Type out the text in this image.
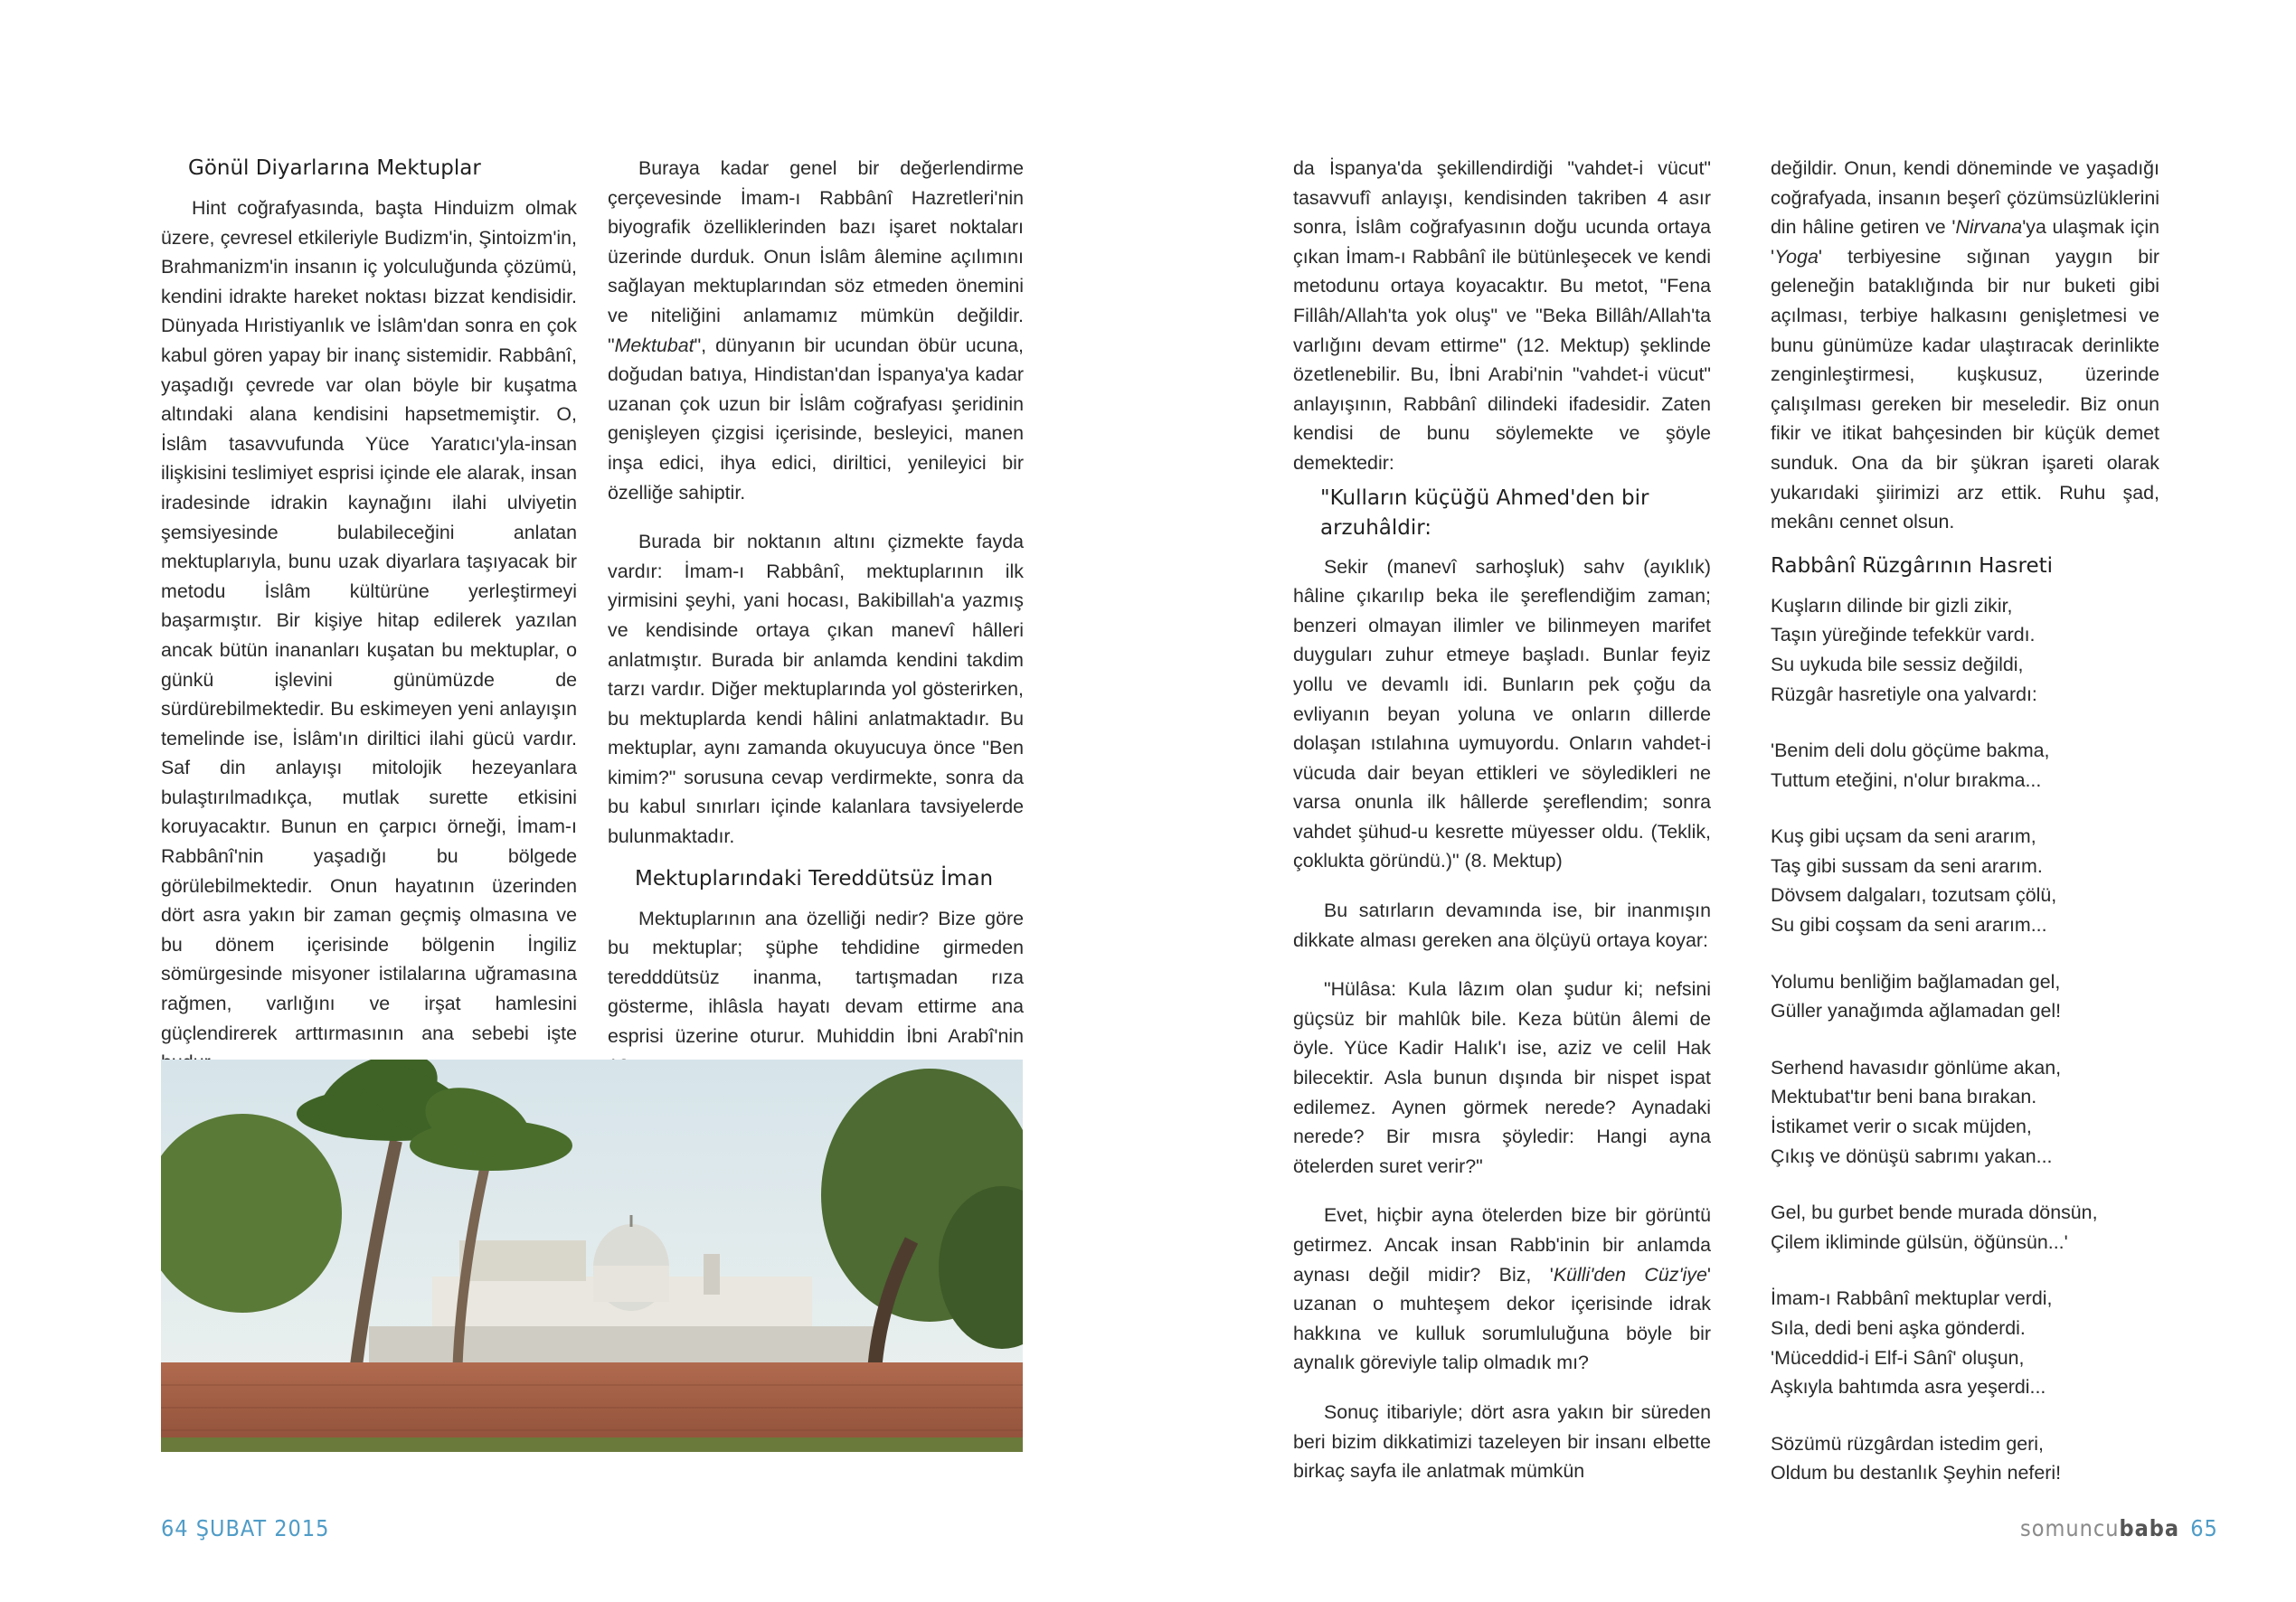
Gönül Diyarlarına Mektuplar

Hint coğrafyasında, başta Hinduizm olmak üzere, çevresel etkileriyle Budizm'in, Şintoizm'in, Brahmanizm'in insanın iç yolculuğunda çözümü, kendini idrakte hareket noktası bizzat kendisidir. Dünyada Hıristiyanlık ve İslâm'dan sonra en çok kabul gören yapay bir inanç sistemidir. Rabbânî, yaşadığı çevrede var olan böyle bir kuşatma altındaki alana kendisini hapsetmemiştir. O, İslâm tasavvufunda Yüce Yaratıcı'yla-insan ilişkisini teslimiyet esprisi içinde ele alarak, insan iradesinde idrakin kaynağını ilahi ulviyetin şemsiyesinde bulabileceğini anlatan mektuplarıyla, bunu uzak diyarlara taşıyacak bir metodu İslâm kültürüne yerleştirmeyi başarmıştır. Bir kişiye hitap edilerek yazılan ancak bütün inananları kuşatan bu mektuplar, o günkü işlevini günümüzde de sürdürebilmektedir. Bu eskimeyen yeni anlayışın temelinde ise, İslâm'ın diriltici ilahi gücü vardır. Saf din anlayışı mitolojik hezeyanlara bulaştırılmadıkça, mutlak surette etkisini koruyacaktır. Bunun en çarpıcı örneği, İmam-ı Rabbânî'nin yaşadığı bu bölgede görülebilmektedir. Onun hayatının üzerinden dört asra yakın bir zaman geçmiş olmasına ve bu dönem içerisinde bölgenin İngiliz sömürgesinde misyoner istilalarına uğramasına rağmen, varlığını ve irşat hamlesini güçlendirerek arttırmasının ana sebebi işte

Buraya kadar genel bir değerlendirme çerçevesinde İmam-ı Rabbânî Hazretleri'nin biyografik özelliklerinden bazı işaret noktaları üzerinde durduk. Onun İslâm âlemine açılımını sağlayan mektuplarından söz etmeden önemini ve niteliğini anlamamız mümkün değildir. "Mektubat", dünyanın bir ucundan öbür ucuna, doğudan batıya, Hindistan'dan İspanya'ya kadar uzanan çok uzun bir İslâm coğrafyası şeridinin genişleyen çizgisi içerisinde, besleyici, manen inşa edici, ihya edici, diriltici, yenileyici bir özelliğe sahiptir.

Burada bir noktanın altını çizmekte fayda vardır: İmam-ı Rabbânî, mektuplarının ilk yirmisini şeyhi, yani hocası, Bakibillah'a yazmış ve kendisinde ortaya çıkan manevî hâlleri anlatmıştır. Burada bir anlamda kendini takdim tarzı vardır. Diğer mektuplarında yol gösterirken, bu mektuplarda kendi hâlini anlatmaktadır. Bu mektuplar, aynı zamanda okuyucuya önce "Ben kimim?" sorusuna cevap verdirmekte, sonra da bu kabul sınırları içinde kalanlara tavsiyelerde bulunmaktadır.

Mektuplarındaki Tereddütsüz İman

Mektuplarının ana özelliği nedir? Bize göre bu mektuplar; şüphe tehdidine girmeden teredddütsüz inanma, tartışmadan rıza gösterme, ihlâsla hayatı devam ettirme ana esprisi üzerine oturur. Muhiddin İbni Arabî'nin

64 ŞUBAT 2015

da İspanya'da şekillendirdiği "vahdet-i vücut" tasavvufî anlayışı, kendisinden takriben 4 asır sonra, İslâm coğrafyasının doğu ucunda ortaya çıkan İmam-ı Rabbânî ile bütünleşecek ve kendi metodunu ortaya koyacaktır. Bu metot, "Fena Fillâh/Allah'ta yok oluş" ve "Beka Billâh/Allah'ta varlığını devam ettirme" (12. Mektup) şeklinde özetlenebilir. Bu, İbni Arabi'nin "vahdet-i vücut" anlayışının, Rabbânî dilindeki ifadesidir. Zaten kendisi de bunu söylemekte ve şöyle demektedir:

"Kulların küçüğü Ahmed'den bir arzuhâldir:

Sekir (manevî sarhoşluk) sahv (ayıklık) hâline çıkarılıp beka ile şereflendiğim zaman; benzeri olmayan ilimler ve bilinmeyen marifet duyguları zuhur etmeye başladı. Bunlar feyiz yollu ve devamlı idi. Bunların pek çoğu da evliyanın beyan yoluna ve onların dillerde dolaşan ıstılahına uymuyordu. Onların vahdet-i vücuda dair beyan ettikleri ve söyledikleri ne varsa onunla ilk hâllerde şereflendim; sonra vahdet şühud-u kesrette müyesser oldu. (Teklik, çoklukta göründü.)" (8. Mektup)

Bu satırların devamında ise, bir inanmışın dikkate alması gereken ana ölçüyü ortaya koyar:

"Hülâsa: Kula lâzım olan şudur ki; nefsini güçsüz bir mahlûk bile. Keza bütün âlemi de öyle. Yüce Kadir Halık'ı ise, aziz ve celil Hak bilecektir. Asla bunun dışında bir nispet ispat edilemez. Aynen görmek nerede? Aynadaki nerede? Bir mısra şöyledir: Hangi ayna ötelerden suret verir?"

Evet, hiçbir ayna ötelerden bize bir görüntü getirmez. Ancak insan Rabb'inin bir anlamda aynası değil midir? Biz, 'Külli'den Cüz'iye' uzanan o muhteşem dekor içerisinde idrak hakkına ve kulluk sorumluluğuna böyle bir aynalık göreviyle talip olmadık mı?

Sonuç itibariyle; dört asra yakın bir süreden beri bizim dikkatimizi tazeleyen bir insanı elbette birkaç sayfa ile anlatmak mümkün

değildir. Onun, kendi döneminde ve yaşadığı coğrafyada, insanın beşerî çözümsüzlüklerini din hâline getiren ve 'Nirvana'ya ulaşmak için 'Yoga' terbiyesine sığınan yaygın bir geleneğin bataklığında bir nur buketi gibi açılması, terbiye halkasını genişletmesi ve bunu günümüze kadar ulaştıracak derinlikte zenginleştirmesi, kuşkusuz, üzerinde çalışılması gereken bir meseledir. Biz onun fikir ve itikat bahçesinden bir küçük demet sunduk. Ona da bir şükran işareti olarak yukarıdaki şiirimizi arz ettik. Ruhu şad, mekânı cennet olsun.

Rabbânî Rüzgârının Hasreti

Kuşların dilinde bir gizli zikir,

Taşın yüreğinde tefekkür vardı.

Su uykuda bile sessiz değildi,

Rüzgâr hasretiyle ona yalvardı:

'Benim deli dolu göçüme bakma,

Tuttum eteğini, n'olur bırakma...

Kuş gibi uçsam da seni ararım,

Taş gibi sussam da seni ararım.

Dövsem dalgaları, tozutsam çölü,

Su gibi coşsam da seni ararım...

Yolumu benliğim bağlamadan gel,

Güller yanağımda ağlamadan gel!

Serhend havasıdır gönlüme akan,

Mektubat'tır beni bana bırakan.

İstikamet verir o sıcak müjden,

Çıkış ve dönüşü sabrımı yakan...

Gel, bu gurbet bende murada dönsün,

Çilem ikliminde gülsün, öğünsün...'

İmam-ı Rabbânî mektuplar verdi,

Sıla, dedi beni aşka gönderdi.

'Müceddid-i Elf-i Sânî' oluşun,

Aşkıyla bahtımda asra yeşerdi...

Sözümü rüzgârdan istedim geri,

Oldum bu destanlık Şeyhin neferi!

somuncubaba 65
